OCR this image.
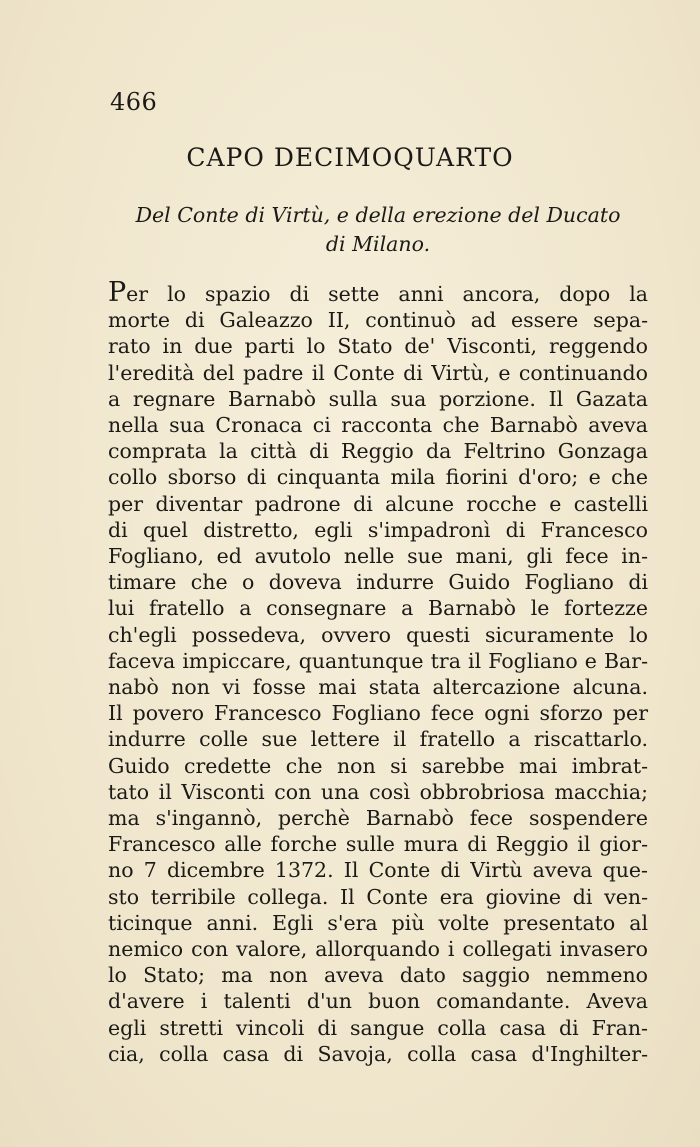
466
CAPO DECIMOQUARTO
Del Conte di Virtù, e della erezione del Ducato
di Milano.
Per lo spazio di sette anni ancora, dopo la
morte di Galeazzo II, continuò ad essere sepa-
rato in due parti lo Stato de' Visconti, reggendo
l'eredità del padre il Conte di Virtù, e continuando
a regnare Barnabò sulla sua porzione. Il Gazata
nella sua Cronaca ci racconta che Barnabò aveva
comprata la città di Reggio da Feltrino Gonzaga
collo sborso di cinquanta mila fiorini d'oro; e che
per diventar padrone di alcune rocche e castelli
di quel distretto, egli s'impadronì di Francesco
Fogliano, ed avutolo nelle sue mani, gli fece in-
timare che o doveva indurre Guido Fogliano di
lui fratello a consegnare a Barnabò le fortezze
ch'egli possedeva, ovvero questi sicuramente lo
faceva impiccare, quantunque tra il Fogliano e Bar-
nabò non vi fosse mai stata altercazione alcuna.
Il povero Francesco Fogliano fece ogni sforzo per
indurre colle sue lettere il fratello a riscattarlo.
Guido credette che non si sarebbe mai imbrat-
tato il Visconti con una così obbrobriosa macchia;
ma s'ingannò, perchè Barnabò fece sospendere
Francesco alle forche sulle mura di Reggio il gior-
no 7 dicembre 1372. Il Conte di Virtù aveva que-
sto terribile collega. Il Conte era giovine di ven-
ticinque anni. Egli s'era più volte presentato al
nemico con valore, allorquando i collegati invasero
lo Stato; ma non aveva dato saggio nemmeno
d'avere i talenti d'un buon comandante. Aveva
egli stretti vincoli di sangue colla casa di Fran-
cia, colla casa di Savoja, colla casa d'Inghilter-
